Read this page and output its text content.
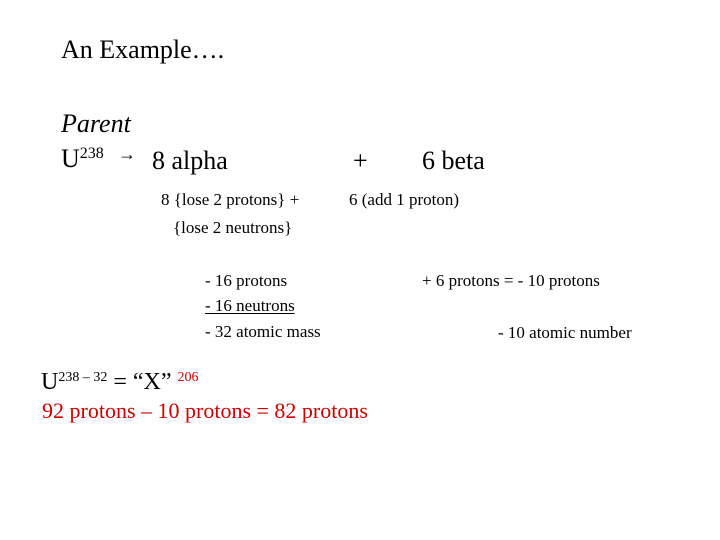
An Example….
Parent
$U^{238} \to 8$ alpha	+ 6 beta
8 {lose 2 protons} +
{lose 2 neutrons}
6 (add 1 proton)
- 16 protons
- 16 neutrons
- 32 atomic mass
+ 6 protons = - 10 protons
- 10 atomic number
$U^{238 - 32}$ = “X” $^{206}$
92 protons – 10 protons = 82 protons
